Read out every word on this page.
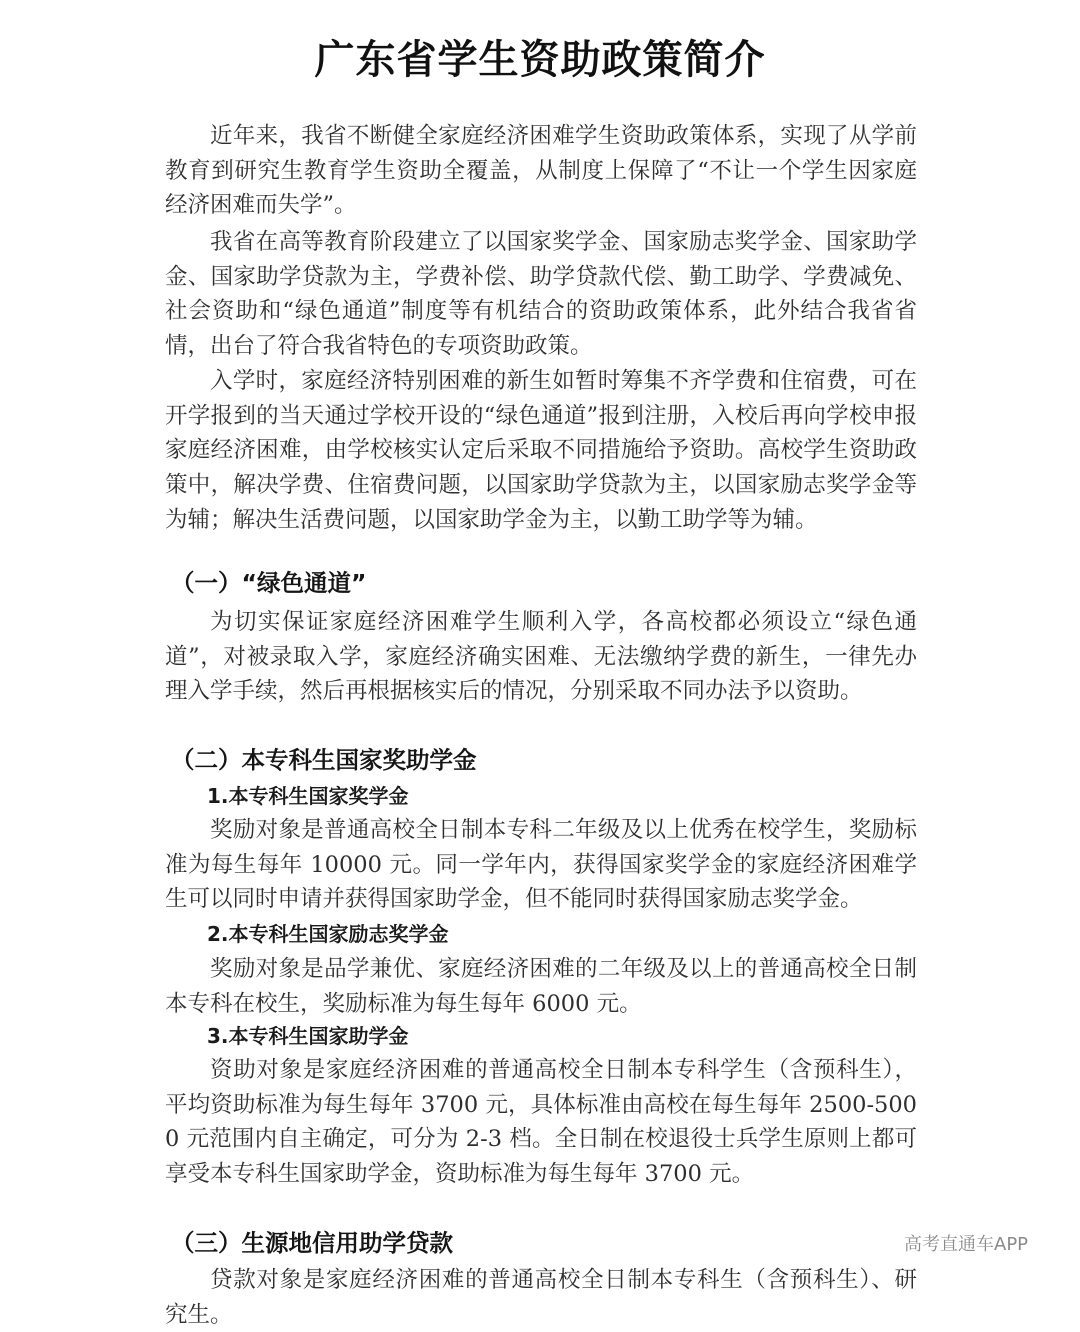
广东省学生资助政策简介

近年来，我省不断健全家庭经济困难学生资助政策体系，实现了从学前教育到研究生教育学生资助全覆盖，从制度上保障了“不让一个学生因家庭经济困难而失学”。

我省在高等教育阶段建立了以国家奖学金、国家励志奖学金、国家助学金、国家助学贷款为主，学费补偿、助学贷款代偿、勤工助学、学费减免、社会资助和“绿色通道”制度等有机结合的资助政策体系，此外结合我省省情，出台了符合我省特色的专项资助政策。

入学时，家庭经济特别困难的新生如暂时筹集不齐学费和住宿费，可在开学报到的当天通过学校开设的“绿色通道”报到注册，入校后再向学校申报家庭经济困难，由学校核实认定后采取不同措施给予资助。高校学生资助政策中，解决学费、住宿费问题，以国家助学贷款为主，以国家励志奖学金等为辅；解决生活费问题，以国家助学金为主，以勤工助学等为辅。

（一）“绿色通道”

为切实保证家庭经济困难学生顺利入学，各高校都必须设立“绿色通道”，对被录取入学，家庭经济确实困难、无法缴纳学费的新生，一律先办理入学手续，然后再根据核实后的情况，分别采取不同办法予以资助。

（二）本专科生国家奖助学金
1.本专科生国家奖学金

奖励对象是普通高校全日制本专科二年级及以上优秀在校学生，奖励标准为每生每年 10000 元。同一学年内，获得国家奖学金的家庭经济困难学生可以同时申请并获得国家助学金，但不能同时获得国家励志奖学金。

2.本专科生国家励志奖学金

奖励对象是品学兼优、家庭经济困难的二年级及以上的普通高校全日制本专科在校生，奖励标准为每生每年 6000 元。

3.本专科生国家助学金

资助对象是家庭经济困难的普通高校全日制本专科学生（含预科生），平均资助标准为每生每年 3700 元，具体标准由高校在每生每年 2500-5000 元范围内自主确定，可分为 2-3 档。全日制在校退役士兵学生原则上都可享受本专科生国家助学金，资助标准为每生每年 3700 元。

（三）生源地信用助学贷款

贷款对象是家庭经济困难的普通高校全日制本专科生（含预科生）、研究生。

高考直通车APP
